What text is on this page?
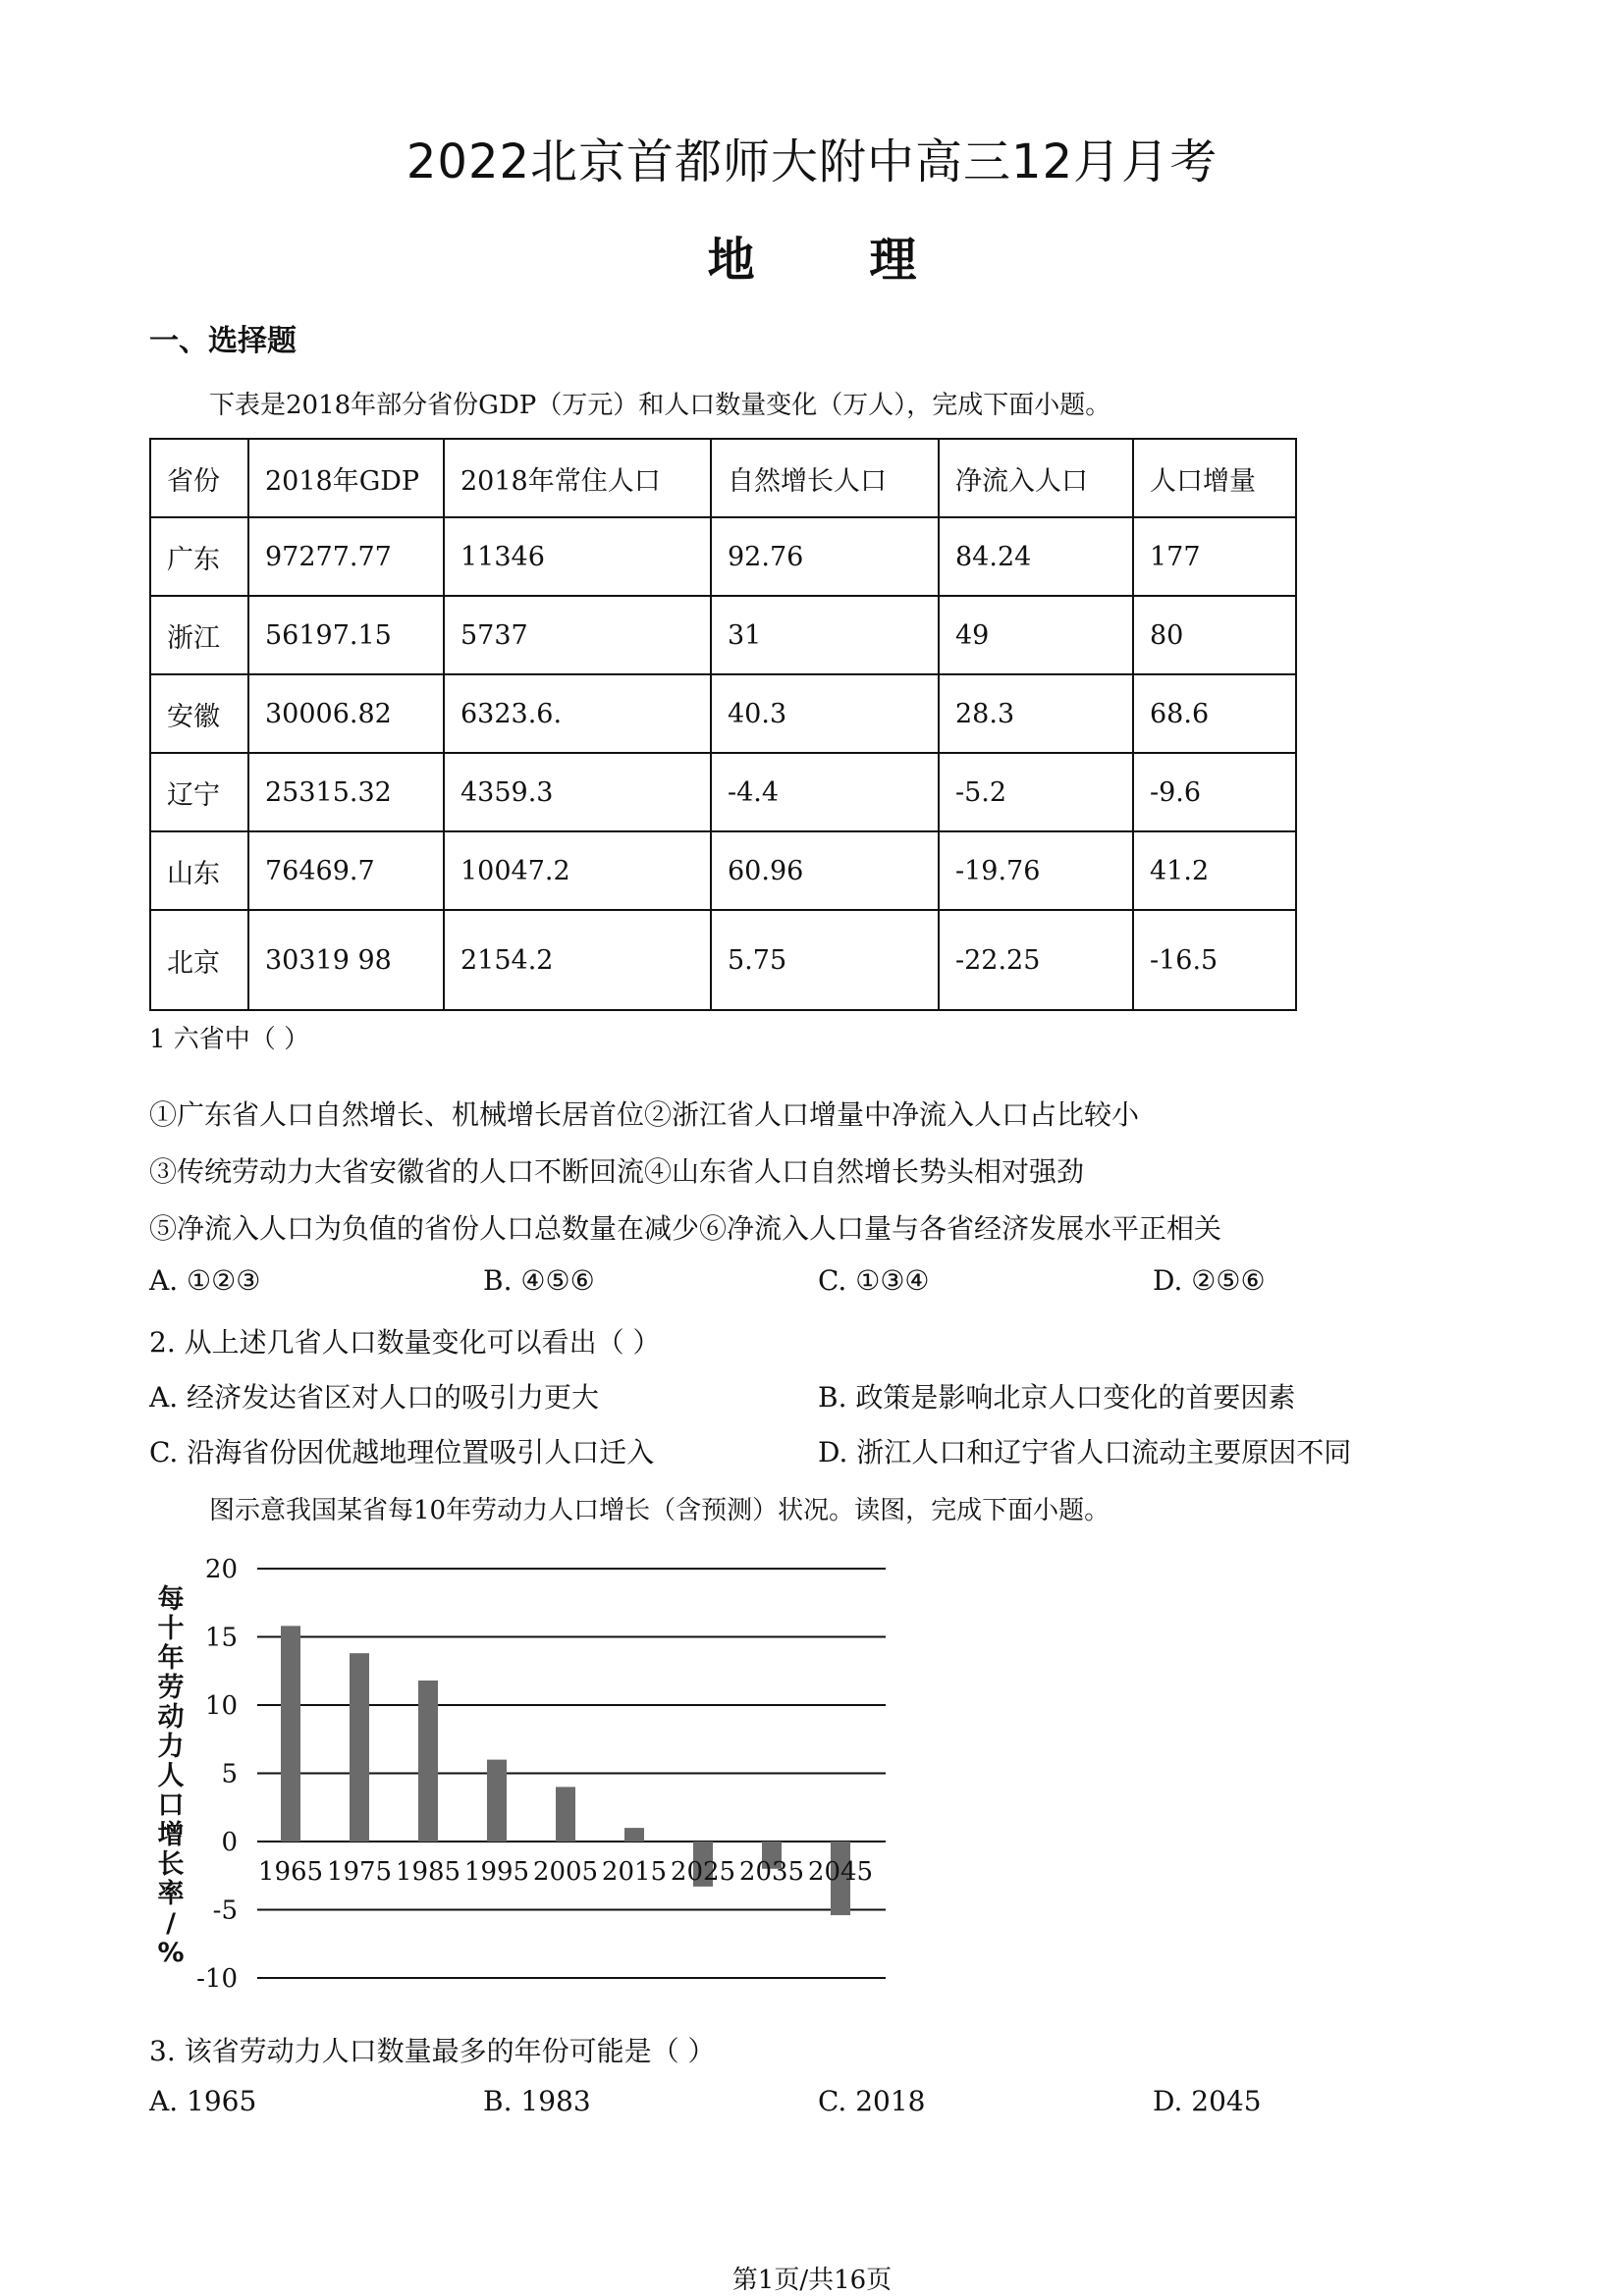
2022北京首都师大附中高三12月月考
地 理
一、选择题
下表是2018年部分省份GDP（万元）和人口数量变化（万人），完成下面小题。
省份	2018年GDP	2018年常住人口	自然增长人口	净流入人口	人口增量
广东	97277.77	11346	92.76	84.24	177
浙江	56197.15	5737	31	49	80
安徽	30006.82	6323.6.	40.3	28.3	68.6
辽宁	25315.32	4359.3	-4.4	-5.2	-9.6
山东	76469.7	10047.2	60.96	-19.76	41.2
北京	30319 98	2154.2	5.75	-22.25	-16.5
1 六省中（ ）
①广东省人口自然增长、机械增长居首位②浙江省人口增量中净流入人口占比较小
③传统劳动力大省安徽省的人口不断回流④山东省人口自然增长势头相对强劲
⑤净流入人口为负值的省份人口总数量在减少⑥净流入人口量与各省经济发展水平正相关
A. ①②③	B. ④⑤⑥	C. ①③④	D. ②⑤⑥
2. 从上述几省人口数量变化可以看出（ ）
A. 经济发达省区对人口的吸引力更大	B. 政策是影响北京人口变化的首要因素
C. 沿海省份因优越地理位置吸引人口迁入	D. 浙江人口和辽宁省人口流动主要原因不同
图示意我国某省每10年劳动力人口增长（含预测）状况。读图，完成下面小题。
20
15
10
5
0
-5
-10
1965 1975 1985 1995 2005 2015 2025 2035 2045
每十年劳动力人口增长率/ %
3. 该省劳动力人口数量最多的年份可能是（ ）
A. 1965	B. 1983	C. 2018	D. 2045
第1页/共16页
